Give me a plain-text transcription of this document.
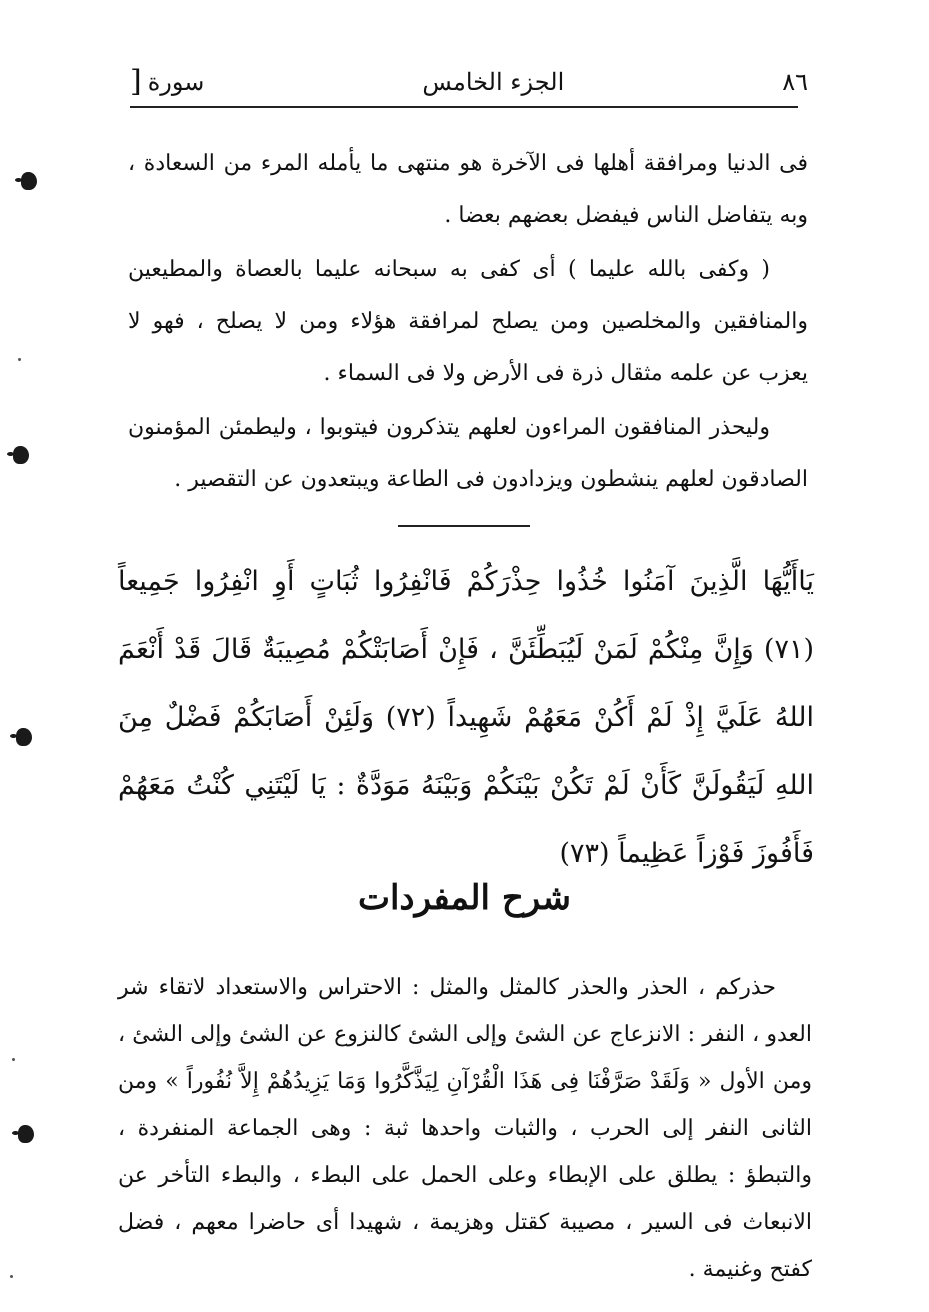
٨٦
الجزء الخامس
سورة
[

فى الدنيا ومرافقة أهلها فى الآخرة هو منتهى ما يأمله المرء من السعادة ، وبه يتفاضل الناس فيفضل بعضهم بعضا .

( وكفى بالله عليما ) أى كفى به سبحانه عليما بالعصاة والمطيعين والمنافقين والمخلصين ومن يصلح لمرافقة هؤلاء ومن لا يصلح ، فهو لا يعزب عن علمه مثقال ذرة فى الأرض ولا فى السماء .

وليحذر المنافقون المراءون لعلهم يتذكرون فيتوبوا ، وليطمئن المؤمنون الصادقون لعلهم ينشطون ويزدادون فى الطاعة ويبتعدون عن التقصير .

يَاأَيُّهَا الَّذِينَ آمَنُوا خُذُوا حِذْرَكُمْ فَانْفِرُوا ثُبَاتٍ أَوِ انْفِرُوا جَمِيعاً (٧١) وَإِنَّ مِنْكُمْ لَمَنْ لَيُبَطِّئَنَّ ، فَإِنْ أَصَابَتْكُمْ مُصِيبَةٌ قَالَ قَدْ أَنْعَمَ اللهُ عَلَيَّ إِذْ لَمْ أَكُنْ مَعَهُمْ شَهِيداً (٧٢) وَلَئِنْ أَصَابَكُمْ فَضْلٌ مِنَ اللهِ لَيَقُولَنَّ كَأَنْ لَمْ تَكُنْ بَيْنَكُمْ وَبَيْنَهُ مَوَدَّةٌ : يَا لَيْتَنِي كُنْتُ مَعَهُمْ فَأَفُوزَ فَوْزاً عَظِيماً (٧٣)

شرح المفردات

حذركم ، الحذر والحذر كالمثل والمثل : الاحتراس والاستعداد لاتقاء شر العدو ، النفر : الانزعاج عن الشئ وإلى الشئ كالنزوع عن الشئ وإلى الشئ ، ومن الأول « وَلَقَدْ صَرَّفْنَا فِى هَذَا الْقُرْآنِ لِيَذَّكَّرُوا وَمَا يَزِيدُهُمْ إِلاَّ نُفُوراً » ومن الثانى النفر إلى الحرب ، والثبات واحدها ثبة : وهى الجماعة المنفردة ، والتبطؤ : يطلق على الإبطاء وعلى الحمل على البطء ، والبطء التأخر عن الانبعاث فى السير ، مصيبة كقتل وهزيمة ، شهيدا أى حاضرا معهم ، فضل كفتح وغنيمة .
